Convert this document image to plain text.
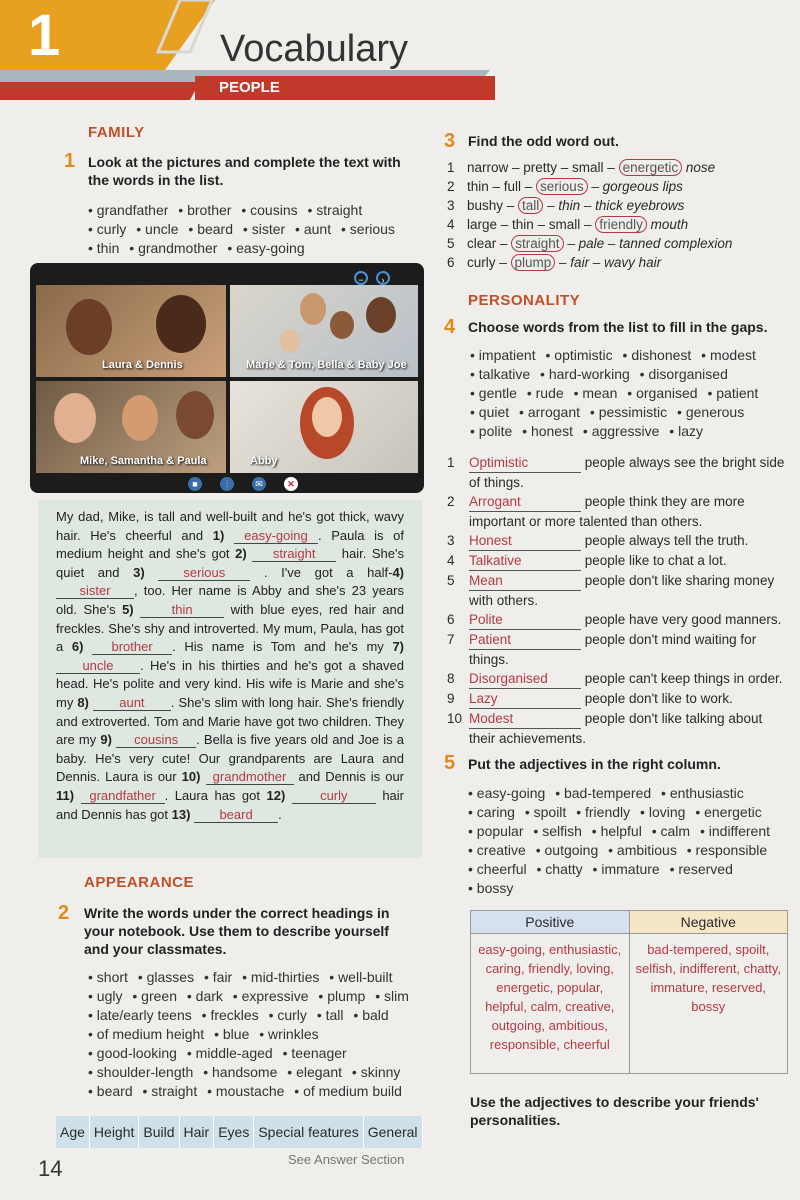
1	Vocabulary
PEOPLE
FAMILY
1 Look at the pictures and complete the text with the words in the list.
• grandfather • brother • cousins • straight • curly • uncle • beard • sister • aunt • serious • thin • grandmother • easy-going
−	›
Laura & Dennis	Marie & Tom, Bella & Baby Joe
Mike, Samantha & Paula	Abby
■	⫶	✉	✕
My dad, Mike, is tall and well-built and he's got thick, wavy hair. He's cheerful and 1) easy-going . Paula is of medium height and she's got 2) straight hair. She's quiet and 3)	serious	. I've got a half-4) sister , too. Her name is Abby and she's 23 years old. She's 5)	thin with blue eyes, red hair and freckles. She's shy and introverted. My mum, Paula, has got a 6) brother . His name is Tom and he's my 7) uncle . He's in his thirties and he's got a shaved head. He's polite and very kind. His wife is Marie and she's my 8) aunt . She's slim with long hair. She's friendly and extroverted. Tom and Marie have got two children. They are my 9) cousins . Bella is five years old and Joe is a baby. He's very cute! Our grandparents are Laura and Dennis. Laura is our 10) grandmother and Dennis is our 11) grandfather . Laura has got 12)	curly hair and Dennis has got 13) beard .
APPEARANCE
2 Write the words under the correct headings in your notebook. Use them to describe yourself and your classmates.
• short • glasses • fair • mid-thirties • well-built • ugly • green • dark • expressive • plump • slim • late/early teens • freckles • curly • tall • bald • of medium height • blue • wrinkles • good-looking • middle-aged • teenager • shoulder-length • handsome • elegant • skinny • beard • straight • moustache • of medium build
Age Height Build Hair Eyes Special features General
14	See Answer Section
3 Find the odd word out.
1 narrow – pretty – small – energetic nose
2 thin – full – serious – gorgeous lips
3 bushy – tall – thin – thick eyebrows
4 large – thin – small – friendly mouth
5 clear – straight – pale – tanned complexion
6 curly – plump – fair – wavy hair
PERSONALITY
4 Choose words from the list to fill in the gaps.
• impatient • optimistic • dishonest • modest • talkative • hard-working • disorganised • gentle • rude • mean • organised • patient • quiet • arrogant • pessimistic • generous • polite • honest • aggressive • lazy
1 Optimistic	people always see the bright side of things.
2 Arrogant	people think they are more important or more talented than others.
3 Honest	people always tell the truth.
4 Talkative	people like to chat a lot.
5 Mean	people don't like sharing money with others.
6 Polite	people have very good manners.
7 Patient	people don't mind waiting for things.
8 Disorganised people can't keep things in order.
9 Lazy	people don't like to work.
10 Modest	people don't like talking about their achievements.
5 Put the adjectives in the right column.
• easy-going • bad-tempered • enthusiastic • caring • spoilt • friendly • loving • energetic • popular • selfish • helpful • calm • indifferent • creative • outgoing • ambitious • responsible • cheerful • chatty • immature • reserved • bossy
Positive	Negative
easy-going, enthusiastic, caring, friendly, loving, energetic, popular, helpful, calm, creative, outgoing, ambitious, responsible, cheerful	bad-tempered, spoilt, selfish, indifferent, chatty, immature, reserved, bossy
Use the adjectives to describe your friends' personalities.
